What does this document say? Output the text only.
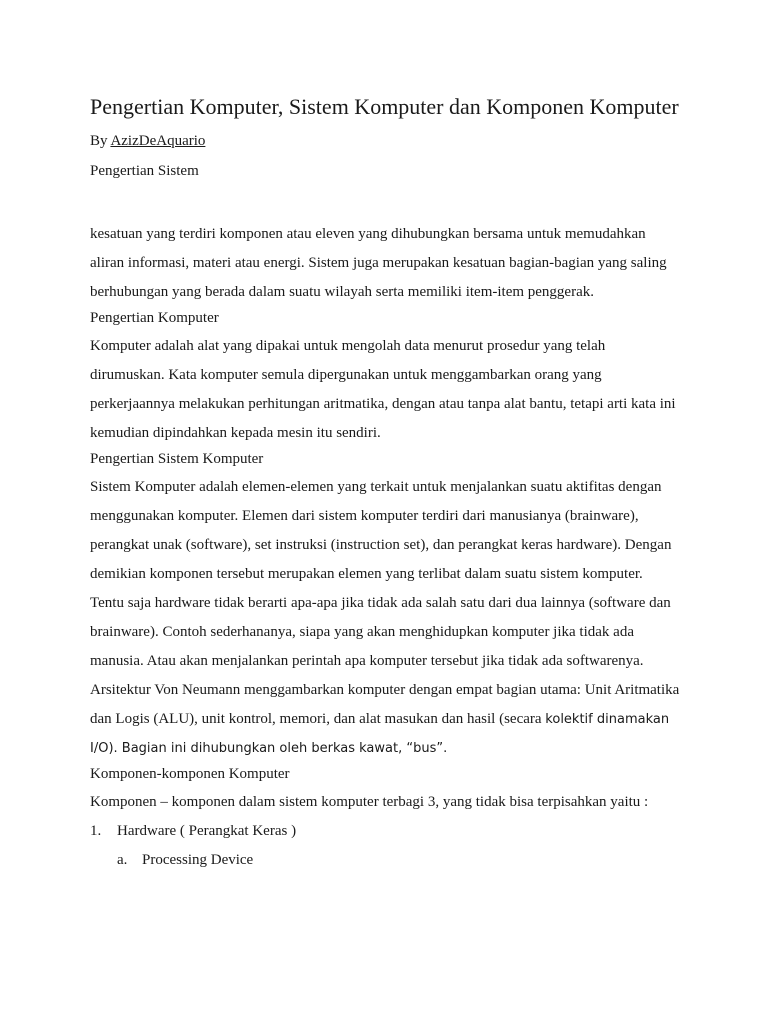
Pengertian Komputer, Sistem Komputer dan Komponen Komputer

By AzizDeAquario

Pengertian Sistem

kesatuan yang terdiri komponen atau eleven yang dihubungkan bersama untuk memudahkan aliran informasi, materi atau energi. Sistem juga merupakan kesatuan bagian-bagian yang saling berhubungan yang berada dalam suatu wilayah serta memiliki item-item penggerak.

Pengertian Komputer

Komputer adalah alat yang dipakai untuk mengolah data menurut prosedur yang telah dirumuskan. Kata komputer semula dipergunakan untuk menggambarkan orang yang perkerjaannya melakukan perhitungan aritmatika, dengan atau tanpa alat bantu, tetapi arti kata ini kemudian dipindahkan kepada mesin itu sendiri.

Pengertian Sistem Komputer

Sistem Komputer adalah elemen-elemen yang terkait untuk menjalankan suatu aktifitas dengan menggunakan komputer. Elemen dari sistem komputer terdiri dari manusianya (brainware), perangkat unak (software), set instruksi (instruction set), dan perangkat keras hardware). Dengan demikian komponen tersebut merupakan elemen yang terlibat dalam suatu sistem komputer. Tentu saja hardware tidak berarti apa-apa jika tidak ada salah satu dari dua lainnya (software dan brainware). Contoh sederhananya, siapa yang akan menghidupkan komputer jika tidak ada manusia. Atau akan menjalankan perintah apa komputer tersebut jika tidak ada softwarenya. Arsitektur Von Neumann menggambarkan komputer dengan empat bagian utama: Unit Aritmatika dan Logis (ALU), unit kontrol, memori, dan alat masukan dan hasil (secara kolektif dinamakan I/O). Bagian ini dihubungkan oleh berkas kawat, “bus”.

Komponen-komponen Komputer

Komponen – komponen dalam sistem komputer terbagi 3, yang tidak bisa terpisahkan yaitu :

1.	Hardware ( Perangkat Keras )
a. Processing Device
